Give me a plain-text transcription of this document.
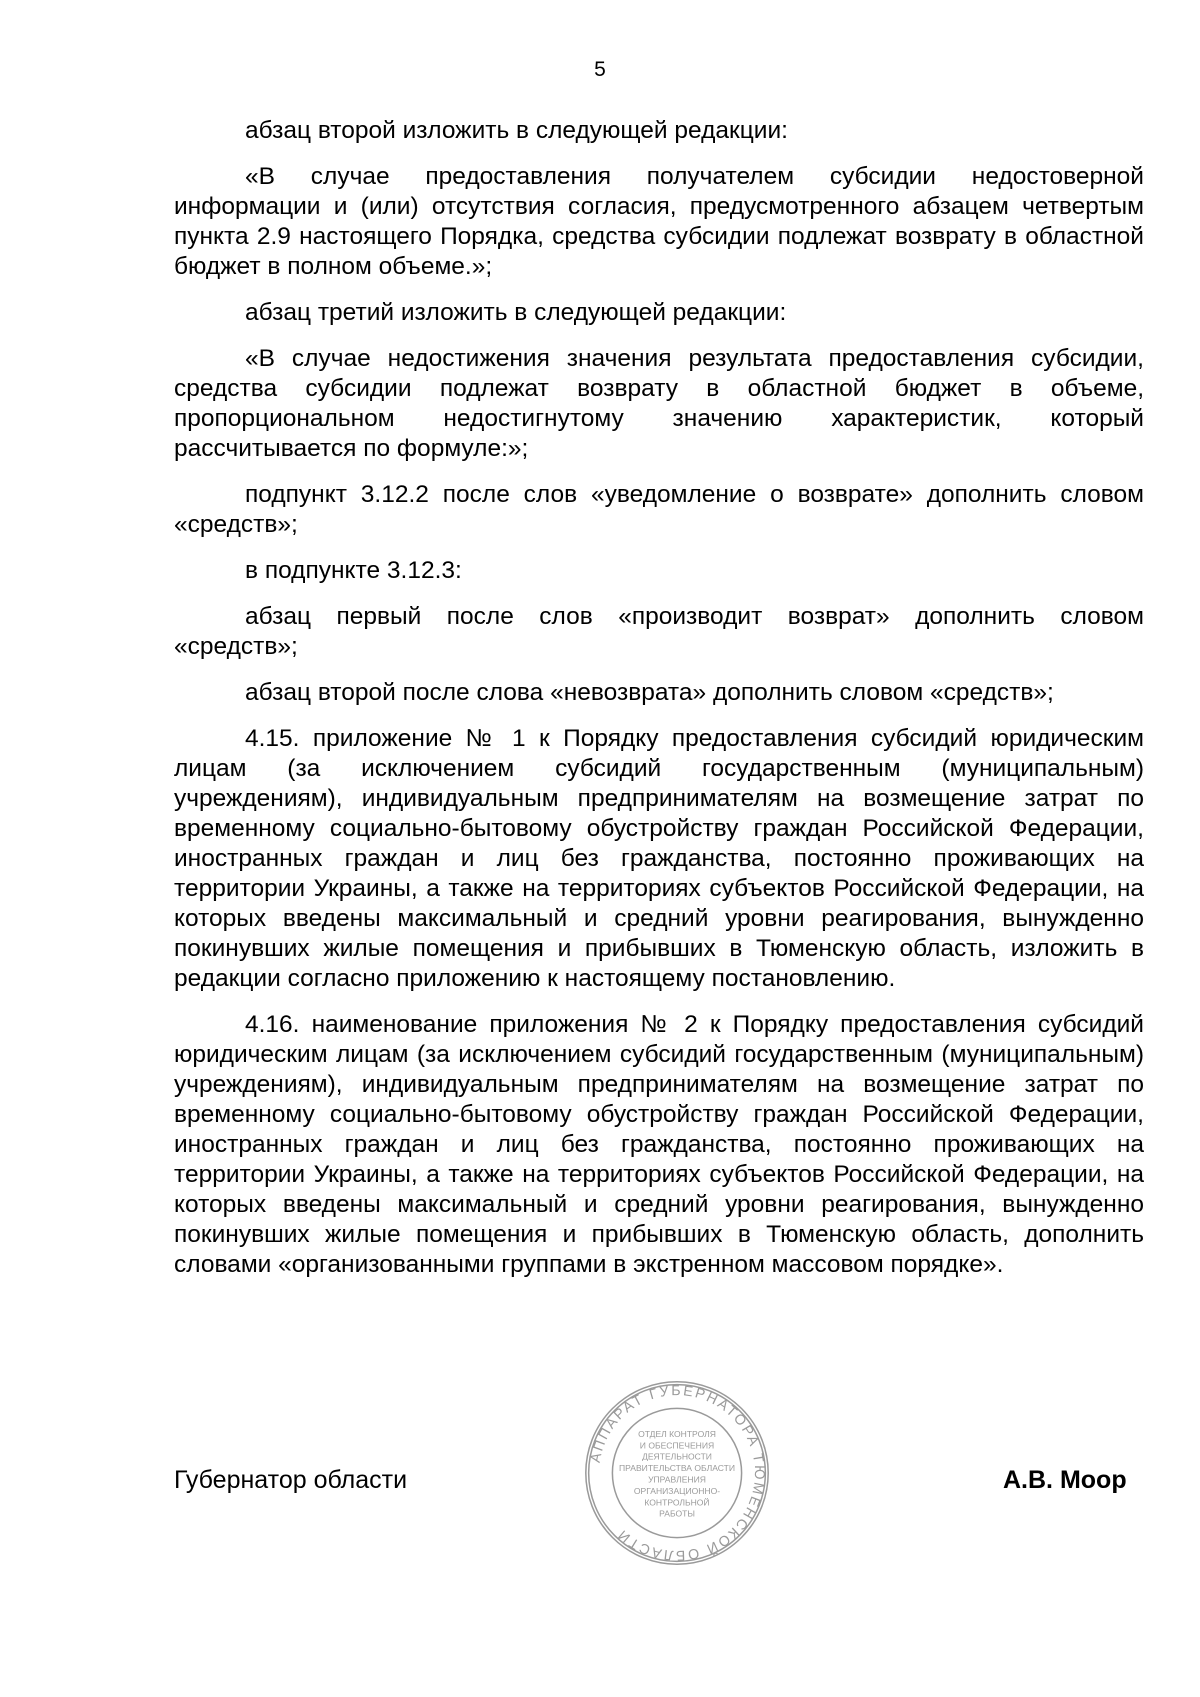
5

абзац второй изложить в следующей редакции:

«В случае предоставления получателем субсидии недостоверной информации и (или) отсутствия согласия, предусмотренного абзацем четвертым пункта 2.9 настоящего Порядка, средства субсидии подлежат возврату в областной бюджет в полном объеме.»;

абзац третий изложить в следующей редакции:

«В случае недостижения значения результата предоставления субсидии, средства субсидии подлежат возврату в областной бюджет в объеме, пропорциональном недостигнутому значению характеристик, который рассчитывается по формуле:»;

подпункт 3.12.2 после слов «уведомление о возврате» дополнить словом «средств»;

в подпункте 3.12.3:

абзац первый после слов «производит возврат» дополнить словом «средств»;

абзац второй после слова «невозврата» дополнить словом «средств»;

4.15. приложение № 1 к Порядку предоставления субсидий юридическим лицам (за исключением субсидий государственным (муниципальным) учреждениям), индивидуальным предпринимателям на возмещение затрат по временному социально-бытовому обустройству граждан Российской Федерации, иностранных граждан и лиц без гражданства, постоянно проживающих на территории Украины, а также на территориях субъектов Российской Федерации, на которых введены максимальный и средний уровни реагирования, вынужденно покинувших жилые помещения и прибывших в Тюменскую область, изложить в редакции согласно приложению к настоящему постановлению.

4.16. наименование приложения № 2 к Порядку предоставления субсидий юридическим лицам (за исключением субсидий государственным (муниципальным) учреждениям), индивидуальным предпринимателям на возмещение затрат по временному социально-бытовому обустройству граждан Российской Федерации, иностранных граждан и лиц без гражданства, постоянно проживающих на территории Украины, а также на территориях субъектов Российской Федерации, на которых введены максимальный и средний уровни реагирования, вынужденно покинувших жилые помещения и прибывших в Тюменскую область, дополнить словами «организованными группами в экстренном массовом порядке».

Губернатор области
АППАРАТ ГУБЕРНАТОРА ТЮМЕНСКОЙ ОБЛАСТИ
ОТДЕЛ КОНТРОЛЯ
И ОБЕСПЕЧЕНИЯ
ДЕЯТЕЛЬНОСТИ
ПРАВИТЕЛЬСТВА ОБЛАСТИ
УПРАВЛЕНИЯ
ОРГАНИЗАЦИОННО-
КОНТРОЛЬНОЙ
РАБОТЫ
А.В. Моор
